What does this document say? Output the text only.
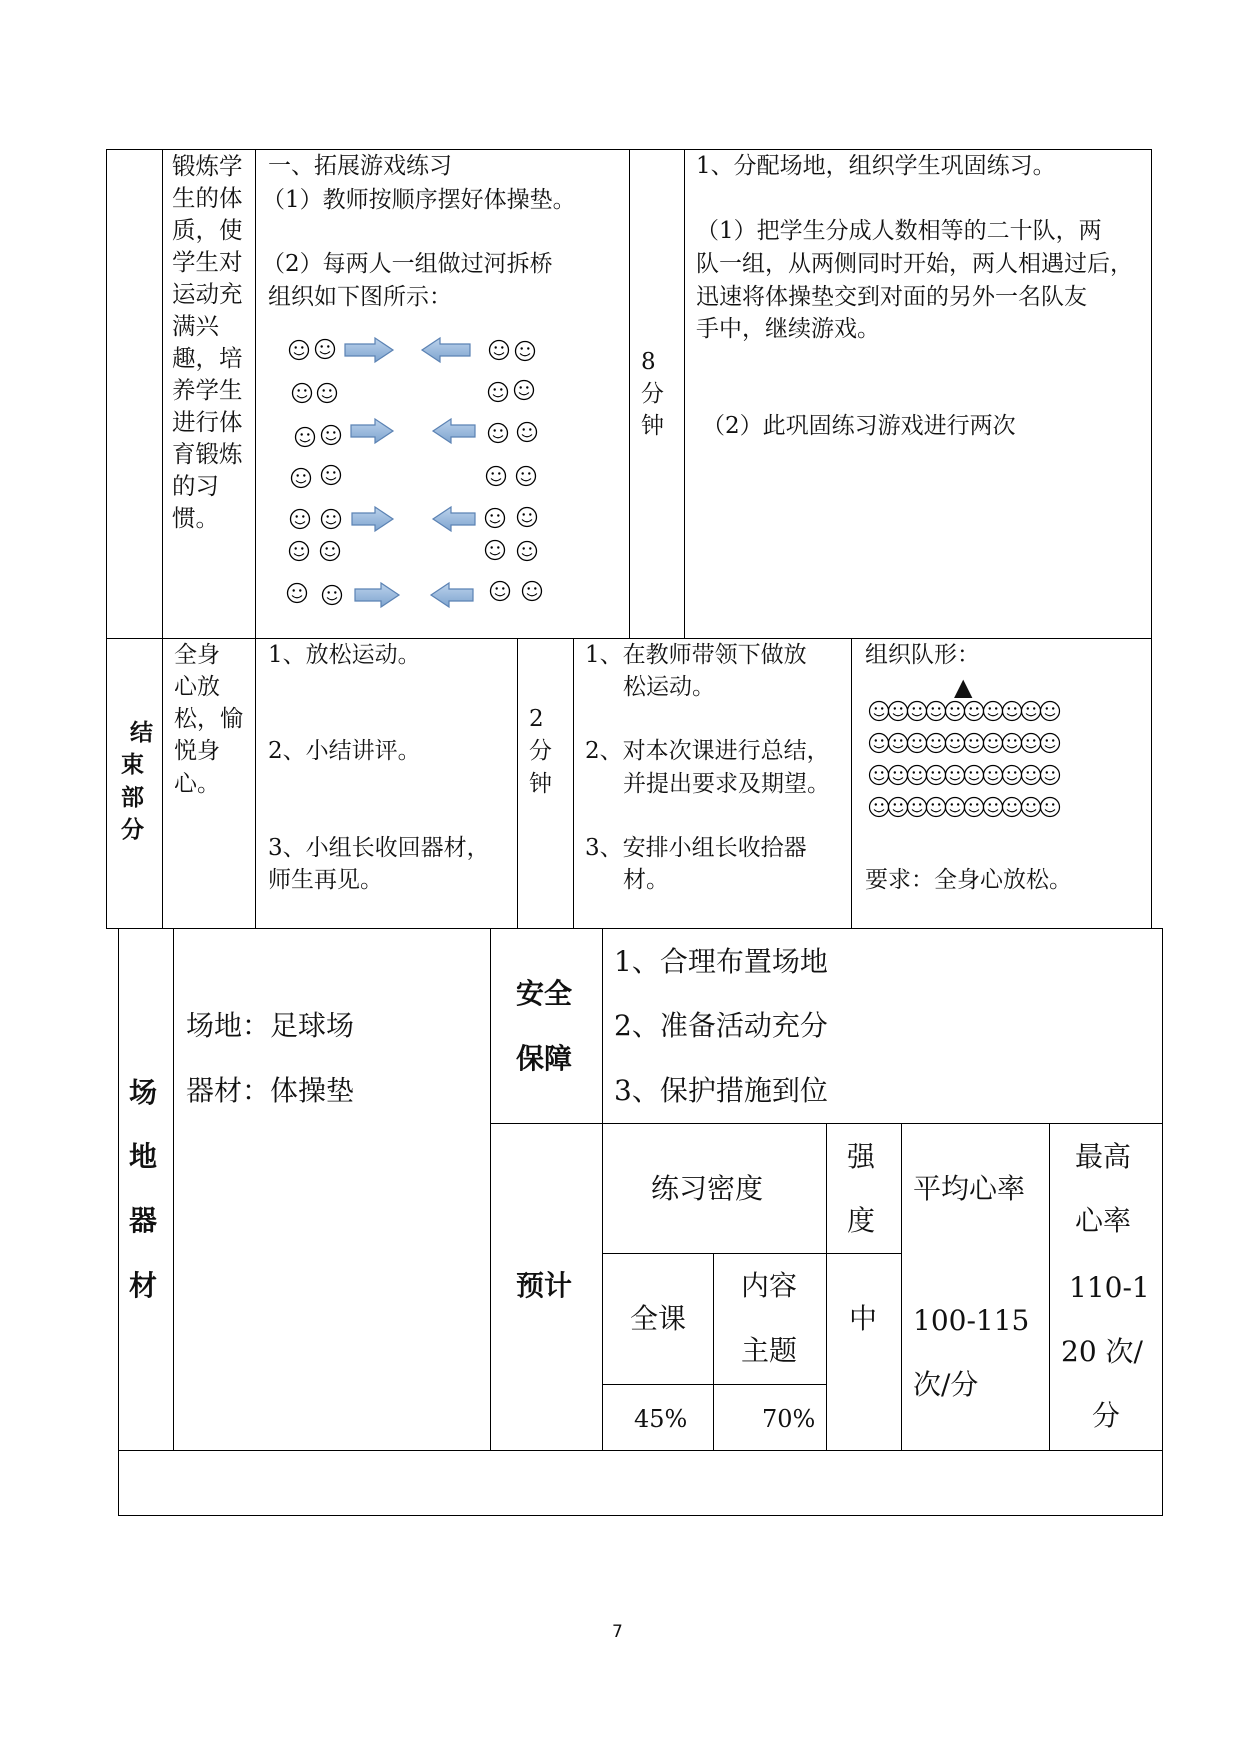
锻炼学生的体质，使学生对运动充满兴趣，培养学生进行体育锻炼的习惯。
一、拓展游戏练习
（1）教师按顺序摆好体操垫。
（2）每两人一组做过河拆桥
组织如下图所示：
8
分
钟
1、分配场地，组织学生巩固练习。
（1）把学生分成人数相等的二十队，两
队一组，从两侧同时开始，两人相遇过后，
迅速将体操垫交到对面的另外一名队友
手中，继续游戏。
（2）此巩固练习游戏进行两次
结
束
部
分
全身
心放
松，愉
悦身
心。
1、放松运动。
2、小结讲评。
3、小组长收回器材，
师生再见。
2
分
钟
1、在教师带领下做放
松运动。
2、对本次课进行总结，
并提出要求及期望。
3、安排小组长收拾器
材。
组织队形：
▲
要求：全身心放松。
场
地
器
材
场地：足球场
器材：体操垫
安全
保障
1、合理布置场地
2、准备活动充分
3、保护措施到位
预计
练习密度
强
度
平均心率
最高
心率
全课
内容
主题
中 100-115
次/分
110-1
20 次/
分
45%	70%
7
